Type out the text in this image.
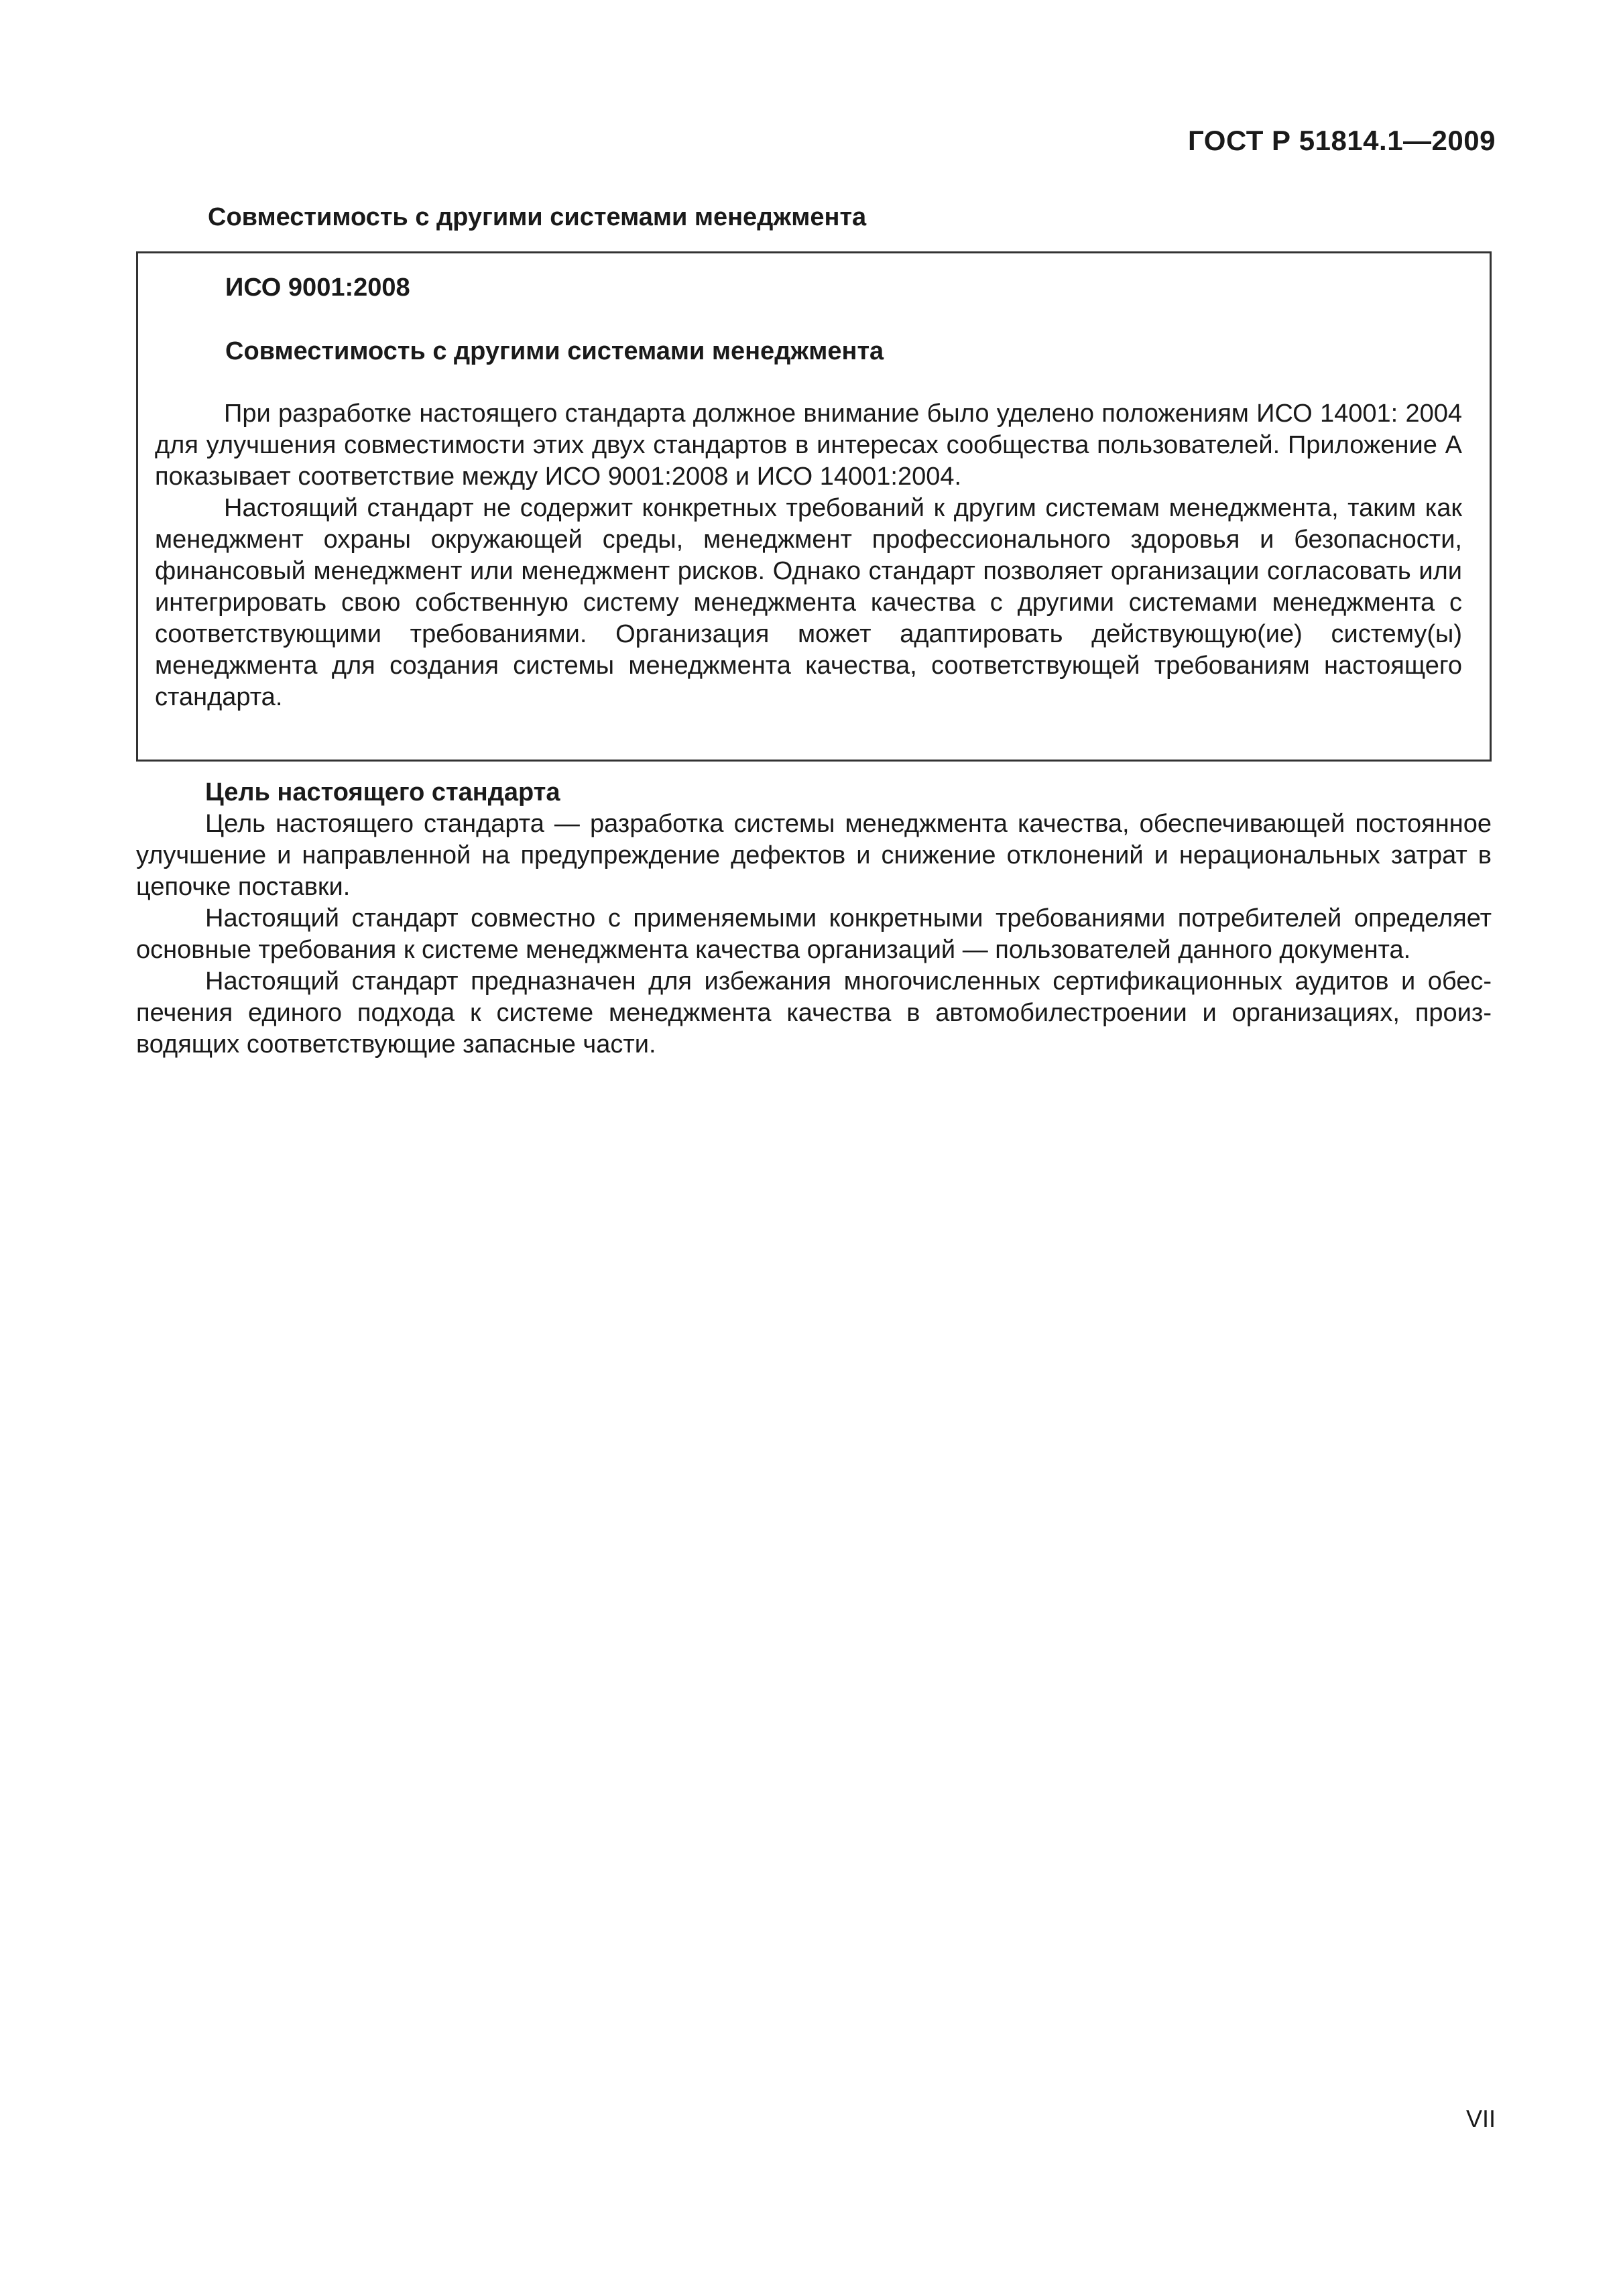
ГОСТ Р 51814.1—2009
Совместимость с другими системами менеджмента
ИСО 9001:2008
Совместимость с другими системами менеджмента

При разработке настоящего стандарта должное внимание было уделено положениям ИСО 14001: 2004 для улучшения совместимости этих двух стандартов в интересах сообщества пользователей. Приложение А показывает соответствие между ИСО 9001:2008 и ИСО 14001:2004.

Настоящий стандарт не содержит конкретных требований к другим системам менеджмента, таким как менеджмент охраны окружающей среды, менеджмент профессионального здоровья и безопасности, финансовый менеджмент или менеджмент рисков. Однако стандарт позволяет организации согласовать или интегрировать свою собственную систему менеджмента качества с другими системами менеджмента с соответствующими требованиями. Организация может адаптировать действующую(ие) систему(ы) менеджмента для создания системы менеджмента качества, соответствующей требованиям настоящего стандарта.

Цель настоящего стандарта

Цель настоящего стандарта — разработка системы менеджмента качества, обеспечивающей постоянное улучшение и направленной на предупреждение дефектов и снижение отклонений и нерациональных затрат в цепочке поставки.

Настоящий стандарт совместно с применяемыми конкретными требованиями потребителей определяет основные требования к системе менеджмента качества организаций — пользователей данного документа.

Настоящий стандарт предназначен для избежания многочисленных сертификационных аудитов и обеспечения единого подхода к системе менеджмента качества в автомобилестроении и организациях, производящих соответствующие запасные части.

VII
